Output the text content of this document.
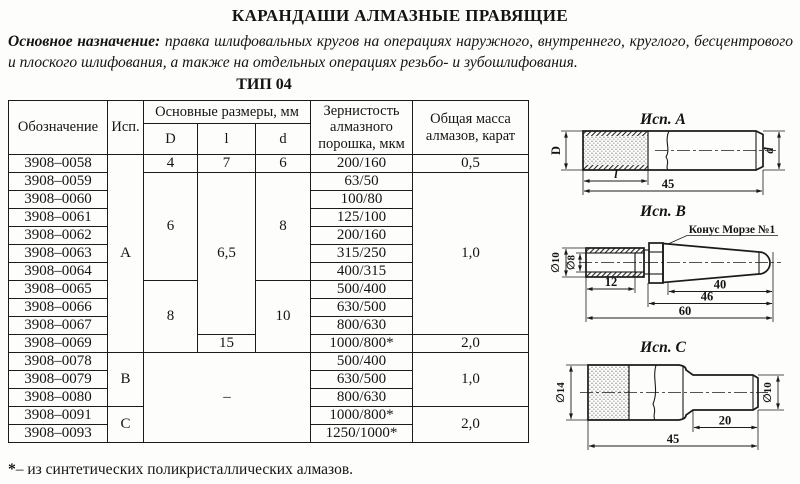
КАРАНДАШИ АЛМАЗНЫЕ ПРАВЯЩИЕ

Основное назначение: правка шлифовальных кругов на операциях наружного, внутреннего, круглого, бесцентрового и плоского шлифования, а также на отдельных операциях резьбо- и зубошлифования.

ТИП 04
Обозначение	Исп.	Основные размеры, мм			Зернистость алмазного порошка, мкм	Общая масса алмазов, карат
		D	l	d		
3908–0058	А	4	7	6	200/160	0,5
3908–0059		6	6,5	8	63/50	1,0
3908–0060					100/80	
3908–0061					125/100	
3908–0062					200/160	
3908–0063					315/250	
3908–0064					400/315	
3908–0065		8		10	500/400	
3908–0066					630/500	
3908–0067					800/630	
3908–0069			15		1000/800*	2,0
3908–0078	В	–			500/400	1,0
3908–0079					630/500	
3908–0080					800/630	
3908–0091	С				1000/800*	2,0
3908–0093					1250/1000*	

*– из синтетических поликристаллических алмазов.

Исп. А
D	d
l
45
Исп. В
Конус Морзе №1
∅10 ∅8
12	40
46
60
Исп. С
∅14	∅10
20
45
